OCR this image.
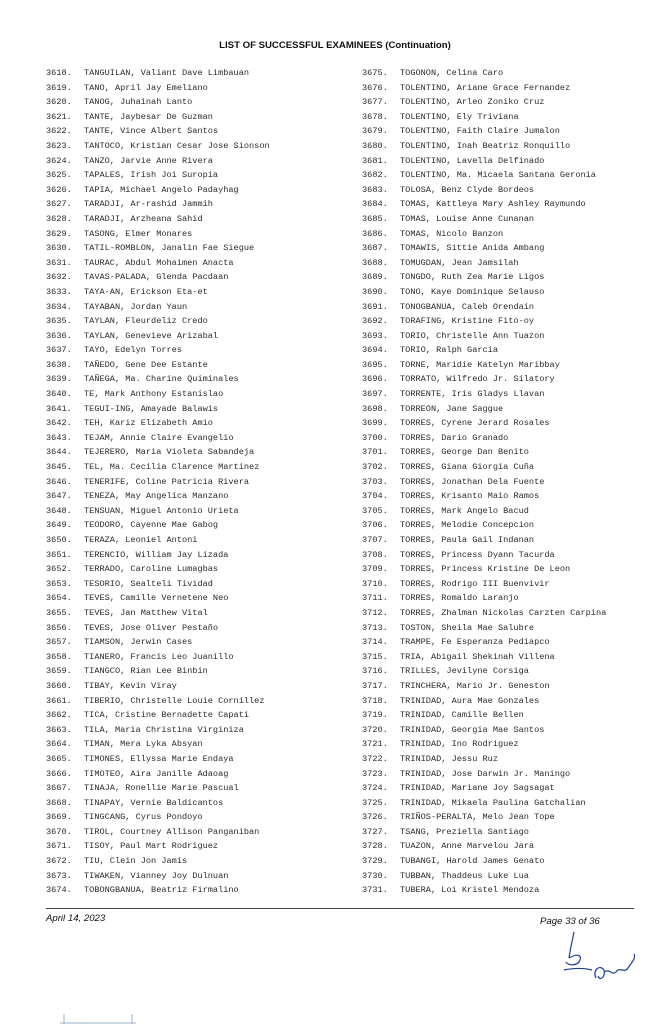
LIST OF SUCCESSFUL EXAMINEES (Continuation)
3618. TANGUILAN, Valiant Dave Limbauan
3619. TANO, April Jay Emeliano
3620. TANOG, Juhainah Lanto
3621. TANTE, Jaybesar De Guzman
3622. TANTE, Vince Albert Santos
3623. TANTOCO, Kristian Cesar Jose Sionson
3624. TANZO, Jarvie Anne Rivera
3625. TAPALES, Irish Joi Suropia
3626. TAPIA, Michael Angelo Padayhag
3627. TARADJI, Ar-rashid Jammih
3628. TARADJI, Arzheana Sahid
3629. TASONG, Elmer Monares
3630. TATIL-ROMBLON, Janalin Fae Siegue
3631. TAURAC, Abdul Mohaimen Anacta
3632. TAVAS-PALADA, Glenda Pacdaan
3633. TAYA-AN, Erickson Eta-et
3634. TAYABAN, Jordan Yaun
3635. TAYLAN, Fleurdeliz Credo
3636. TAYLAN, Genevieve Arizabal
3637. TAYO, Edelyn Torres
3638. TAÑEDO, Gene Dee Estante
3639. TAÑEGA, Ma. Charine Quiminales
3640. TE, Mark Anthony Estanislao
3641. TEGUI-ING, Amayade Balawis
3642. TEH, Kariz Elizabeth Amio
3643. TEJAM, Annie Claire Evangelio
3644. TEJERERO, Maria Violeta Sabandeja
3645. TEL, Ma. Cecilia Clarence Martinez
3646. TENERIFE, Coline Patricia Rivera
3647. TENEZA, May Angelica Manzano
3648. TENSUAN, Miguel Antonio Urieta
3649. TEODORO, Cayenne Mae Gabog
3650. TERAZA, Leoniel Antoni
3651. TERENCIO, William Jay Lizada
3652. TERRADO, Caroline Lumagbas
3653. TESORIO, Sealteli Tividad
3654. TEVES, Camille Vernetene Neo
3655. TEVES, Jan Matthew Vital
3656. TEVES, Jose Oliver Pestaño
3657. TIAMSON, Jerwin Cases
3658. TIANERO, Francis Leo Juanillo
3659. TIANGCO, Rian Lee Binbin
3660. TIBAY, Kevin Viray
3661. TIBERIO, Christelle Louie Cornillez
3662. TICA, Cristine Bernadette Capati
3663. TILA, Maria Christina Virginiza
3664. TIMAN, Mera Lyka Absyan
3665. TIMONES, Ellyssa Marie Endaya
3666. TIMOTEO, Aira Janille Adaoag
3667. TINAJA, Ronellie Marie Pascual
3668. TINAPAY, Vernie Baldicantos
3669. TINGCANG, Cyrus Pondoyo
3670. TIROL, Courtney Allison Panganiban
3671. TISOY, Paul Mart Rodriguez
3672. TIU, Clein Jon Jamis
3673. TIWAKEN, Vianney Joy Dulnuan
3674. TOBONGBANUA, Beatriz Firmalino
3675. TOGONON, Celina Caro
3676. TOLENTINO, Ariane Grace Fernandez
3677. TOLENTINO, Arleo Zoniko Cruz
3678. TOLENTINO, Ely Triviana
3679. TOLENTINO, Faith Claire Jumalon
3680. TOLENTINO, Inah Beatriz Ronquillo
3681. TOLENTINO, Lavella Delfinado
3682. TOLENTINO, Ma. Micaela Santana Geronia
3683. TOLOSA, Benz Clyde Bordeos
3684. TOMAS, Kattleya Mary Ashley Raymundo
3685. TOMAS, Louise Anne Cunanan
3686. TOMAS, Nicolo Banzon
3687. TOMAWIS, Sittie Anida Ambang
3688. TOMUGDAN, Jean Jamsilah
3689. TONGDO, Ruth Zea Marie Ligos
3690. TONO, Kaye Dominique Selauso
3691. TONOGBANUA, Caleb Orendain
3692. TORAFING, Kristine Fito-oy
3693. TORIO, Christelle Ann Tuazon
3694. TORIO, Ralph Garcia
3695. TORNE, Maridie Katelyn Maribbay
3696. TORRATO, Wilfredo Jr. Silatory
3697. TORRENTE, Iris Gladys Llavan
3698. TORREON, Jane Saggue
3699. TORRES, Cyrene Jerard Rosales
3700. TORRES, Dario Granado
3701. TORRES, George Dan Benito
3702. TORRES, Giana Giorgia Cuña
3703. TORRES, Jonathan Dela Fuente
3704. TORRES, Krisanto Maio Ramos
3705. TORRES, Mark Angelo Bacud
3706. TORRES, Melodie Concepcion
3707. TORRES, Paula Gail Indanan
3708. TORRES, Princess Dyann Tacurda
3709. TORRES, Princess Kristine De Leon
3710. TORRES, Rodrigo III Buenvivir
3711. TORRES, Romaldo Laranjo
3712. TORRES, Zhalman Nickolas Carzten Carpina
3713. TOSTON, Sheila Mae Salubre
3714. TRAMPE, Fe Esperanza Pediapco
3715. TRIA, Abigail Shekinah Villena
3716. TRILLES, Jevilyne Corsiga
3717. TRINCHERA, Mario Jr. Geneston
3718. TRINIDAD, Aura Mae Gonzales
3719. TRINIDAD, Camille Bellen
3720. TRINIDAD, Georgia Mae Santos
3721. TRINIDAD, Ino Rodriguez
3722. TRINIDAD, Jessu Ruz
3723. TRINIDAD, Jose Darwin Jr. Maningo
3724. TRINIDAD, Mariane Joy Sagsagat
3725. TRINIDAD, Mikaela Paulina Gatchalian
3726. TRIÑOS-PERALTA, Melo Jean Tope
3727. TSANG, Preziella Santiago
3728. TUAZON, Anne Marvelou Jara
3729. TUBANGI, Harold James Genato
3730. TUBBAN, Thaddeus Luke Lua
3731. TUBERA, Loi Kristel Mendoza
April 14, 2023	Page 33 of 36
